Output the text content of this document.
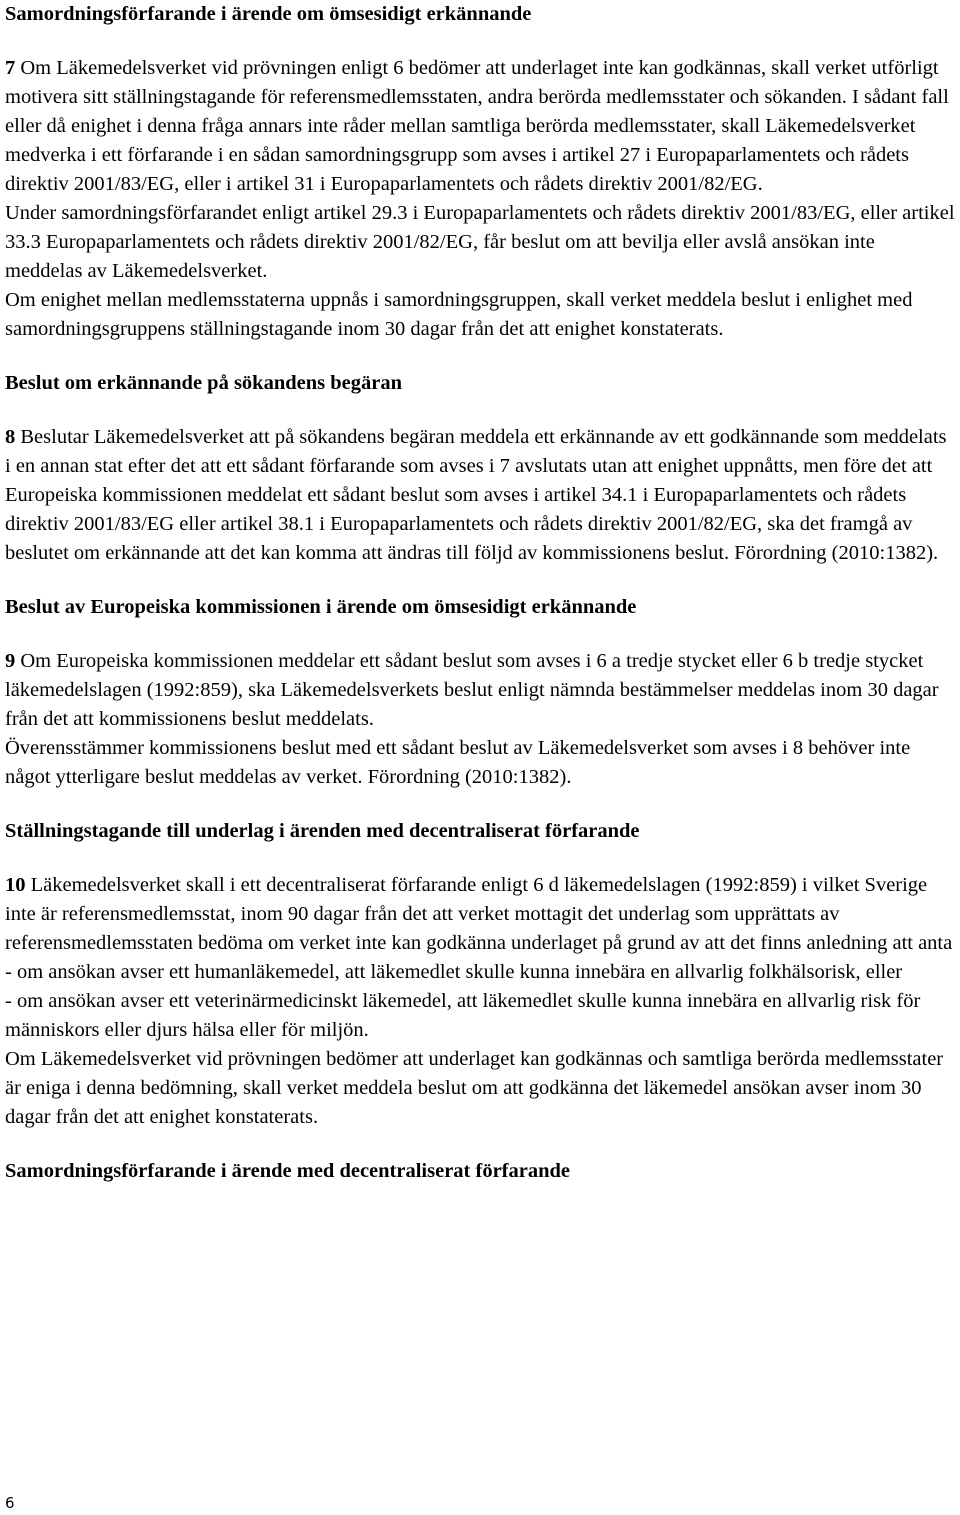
Samordningsförfarande i ärende om ömsesidigt erkännande

7 Om Läkemedelsverket vid prövningen enligt 6 bedömer att underlaget inte kan godkännas, skall verket utförligt motivera sitt ställningstagande för referensmedlemsstaten, andra berörda medlemsstater och sökanden. I sådant fall eller då enighet i denna fråga annars inte råder mellan samtliga berörda medlemsstater, skall Läkemedelsverket medverka i ett förfarande i en sådan samordningsgrupp som avses i artikel 27 i Europaparlamentets och rådets direktiv 2001/83/EG, eller i artikel 31 i Europaparlamentets och rådets direktiv 2001/82/EG.

Under samordningsförfarandet enligt artikel 29.3 i Europaparlamentets och rådets direktiv 2001/83/EG, eller artikel 33.3 Europaparlamentets och rådets direktiv 2001/82/EG, får beslut om att bevilja eller avslå ansökan inte meddelas av Läkemedelsverket.

Om enighet mellan medlemsstaterna uppnås i samordningsgruppen, skall verket meddela beslut i enlighet med samordningsgruppens ställningstagande inom 30 dagar från det att enighet konstaterats.

Beslut om erkännande på sökandens begäran

8 Beslutar Läkemedelsverket att på sökandens begäran meddela ett erkännande av ett godkännande som meddelats i en annan stat efter det att ett sådant förfarande som avses i 7 avslutats utan att enighet uppnåtts, men före det att Europeiska kommissionen meddelat ett sådant beslut som avses i artikel 34.1 i Europaparlamentets och rådets direktiv 2001/83/EG eller artikel 38.1 i Europaparlamentets och rådets direktiv 2001/82/EG, ska det framgå av beslutet om erkännande att det kan komma att ändras till följd av kommissionens beslut. Förordning (2010:1382).

Beslut av Europeiska kommissionen i ärende om ömsesidigt erkännande

9 Om Europeiska kommissionen meddelar ett sådant beslut som avses i 6 a tredje stycket eller 6 b tredje stycket läkemedelslagen (1992:859), ska Läkemedelsverkets beslut enligt nämnda bestämmelser meddelas inom 30 dagar från det att kommissionens beslut meddelats.

Överensstämmer kommissionens beslut med ett sådant beslut av Läkemedelsverket som avses i 8 behöver inte något ytterligare beslut meddelas av verket. Förordning (2010:1382).

Ställningstagande till underlag i ärenden med decentraliserat förfarande

10 Läkemedelsverket skall i ett decentraliserat förfarande enligt 6 d läkemedelslagen (1992:859) i vilket Sverige inte är referensmedlemsstat, inom 90 dagar från det att verket mottagit det underlag som upprättats av referensmedlemsstaten bedöma om verket inte kan godkänna underlaget på grund av att det finns anledning att anta

- om ansökan avser ett humanläkemedel, att läkemedlet skulle kunna innebära en allvarlig folkhälsorisk, eller

- om ansökan avser ett veterinärmedicinskt läkemedel, att läkemedlet skulle kunna innebära en allvarlig risk för människors eller djurs hälsa eller för miljön.

Om Läkemedelsverket vid prövningen bedömer att underlaget kan godkännas och samtliga berörda medlemsstater är eniga i denna bedömning, skall verket meddela beslut om att godkänna det läkemedel ansökan avser inom 30 dagar från det att enighet konstaterats.

Samordningsförfarande i ärende med decentraliserat förfarande
6
